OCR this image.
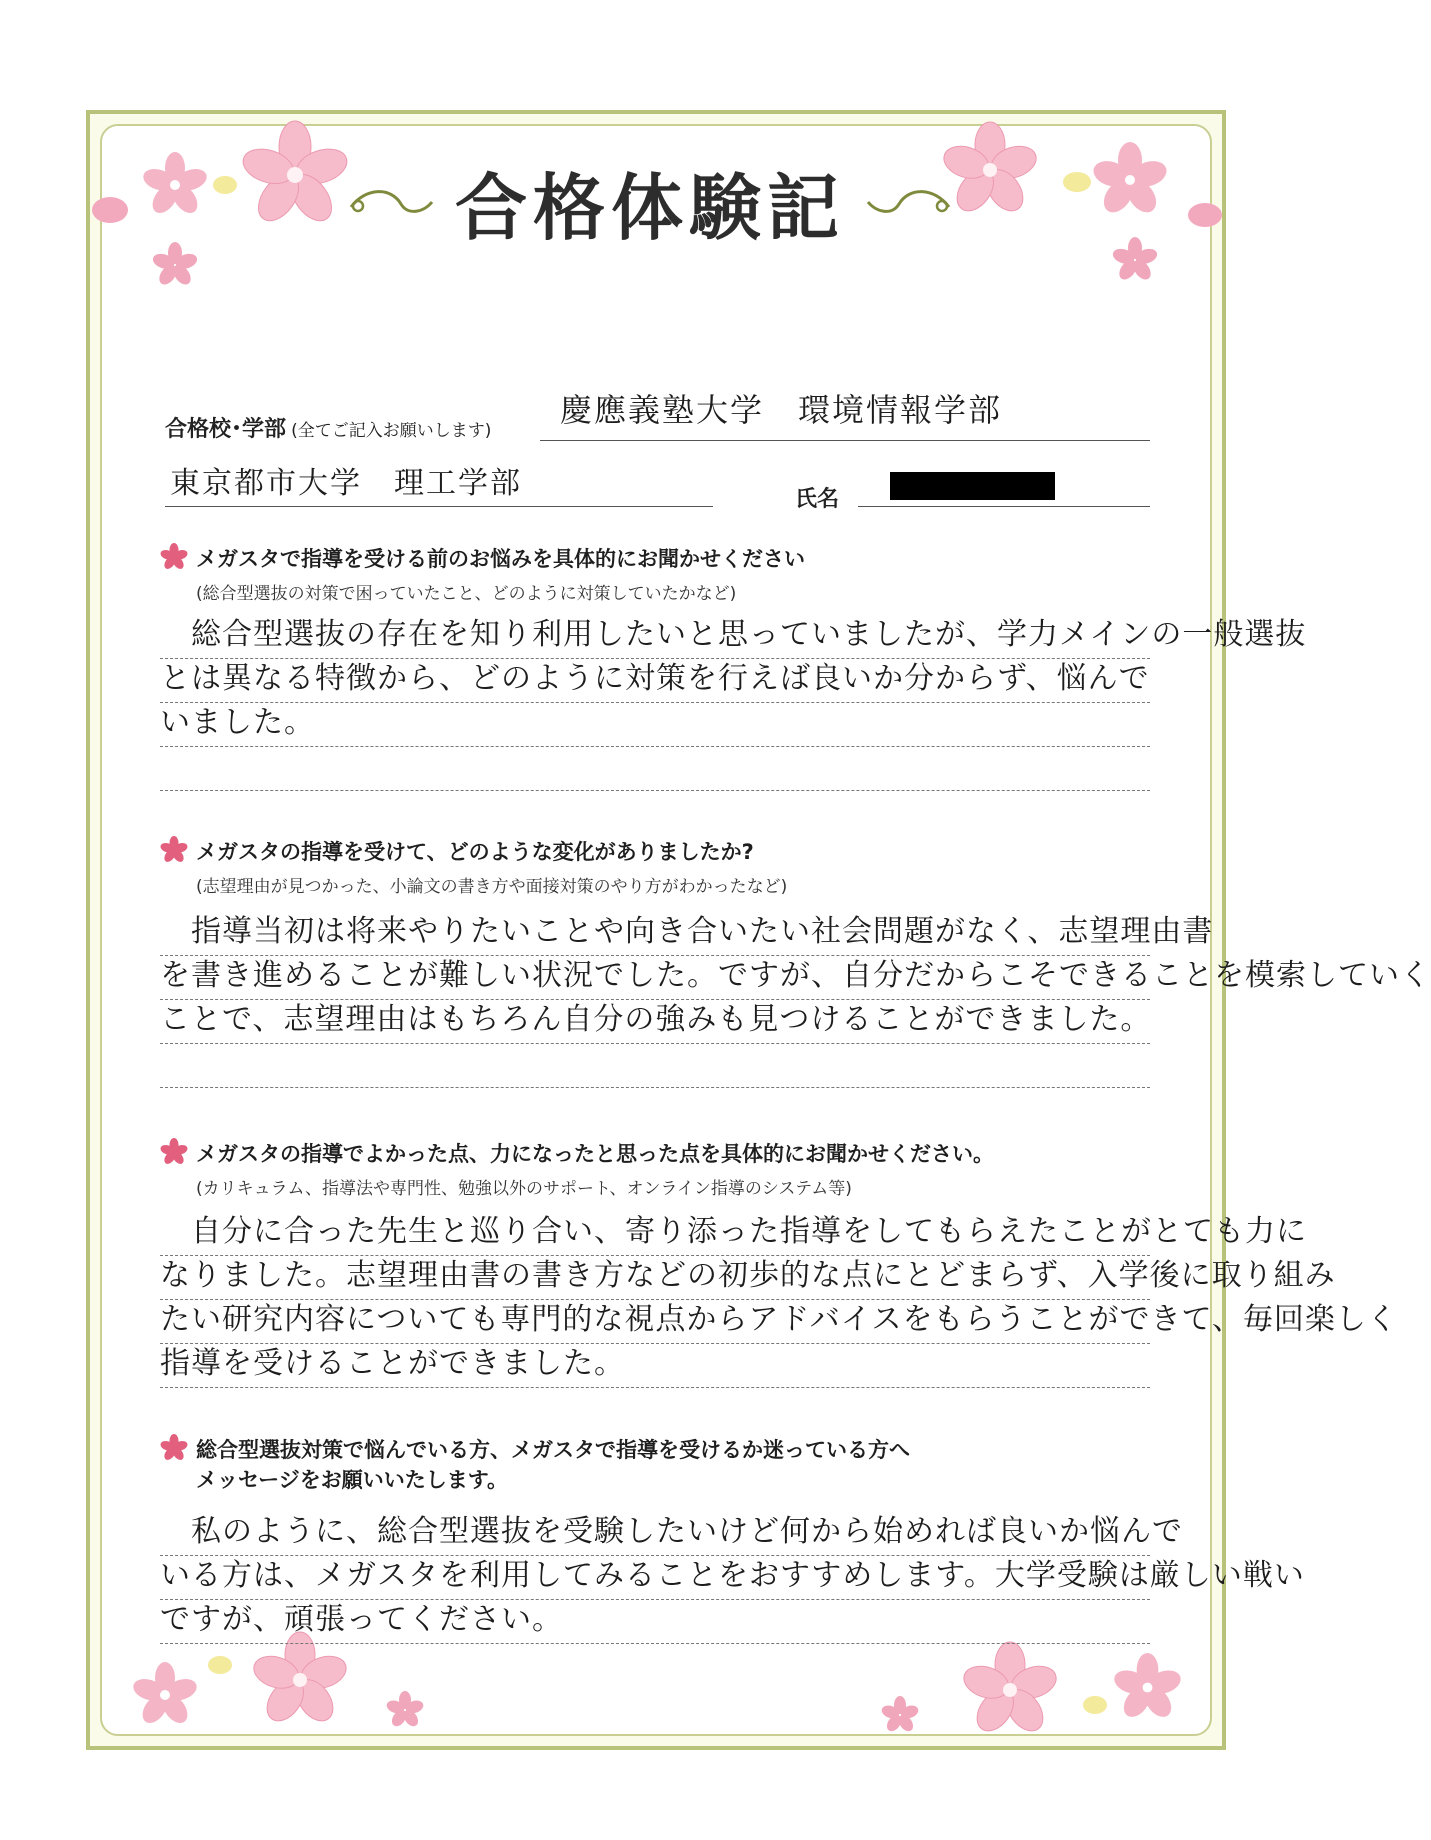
合格体験記
合格校･学部 (全てご記入お願いします)
慶應義塾大学　環境情報学部
東京都市大学　理工学部	氏名
メガスタで指導を受ける前のお悩みを具体的にお聞かせください
(総合型選抜の対策で困っていたこと、どのように対策していたかなど)
　総合型選抜の存在を知り利用したいと思っていましたが、学力メインの一般選抜
とは異なる特徴から、どのように対策を行えば良いか分からず、悩んで
いました。
メガスタの指導を受けて、どのような変化がありましたか?
(志望理由が見つかった、小論文の書き方や面接対策のやり方がわかったなど)
　指導当初は将来やりたいことや向き合いたい社会問題がなく、志望理由書
を書き進めることが難しい状況でした。ですが、自分だからこそできることを模索していく
ことで、志望理由はもちろん自分の強みも見つけることができました。
メガスタの指導でよかった点、力になったと思った点を具体的にお聞かせください。
(カリキュラム、指導法や専門性、勉強以外のサポート、オンライン指導のシステム等)
　自分に合った先生と巡り合い、寄り添った指導をしてもらえたことがとても力に
なりました。志望理由書の書き方などの初歩的な点にとどまらず、入学後に取り組み
たい研究内容についても専門的な視点からアドバイスをもらうことができて、毎回楽しく
指導を受けることができました。
総合型選抜対策で悩んでいる方、メガスタで指導を受けるか迷っている方へ
メッセージをお願いいたします。
　私のように、総合型選抜を受験したいけど何から始めれば良いか悩んで
いる方は、メガスタを利用してみることをおすすめします。大学受験は厳しい戦い
ですが、頑張ってください。
